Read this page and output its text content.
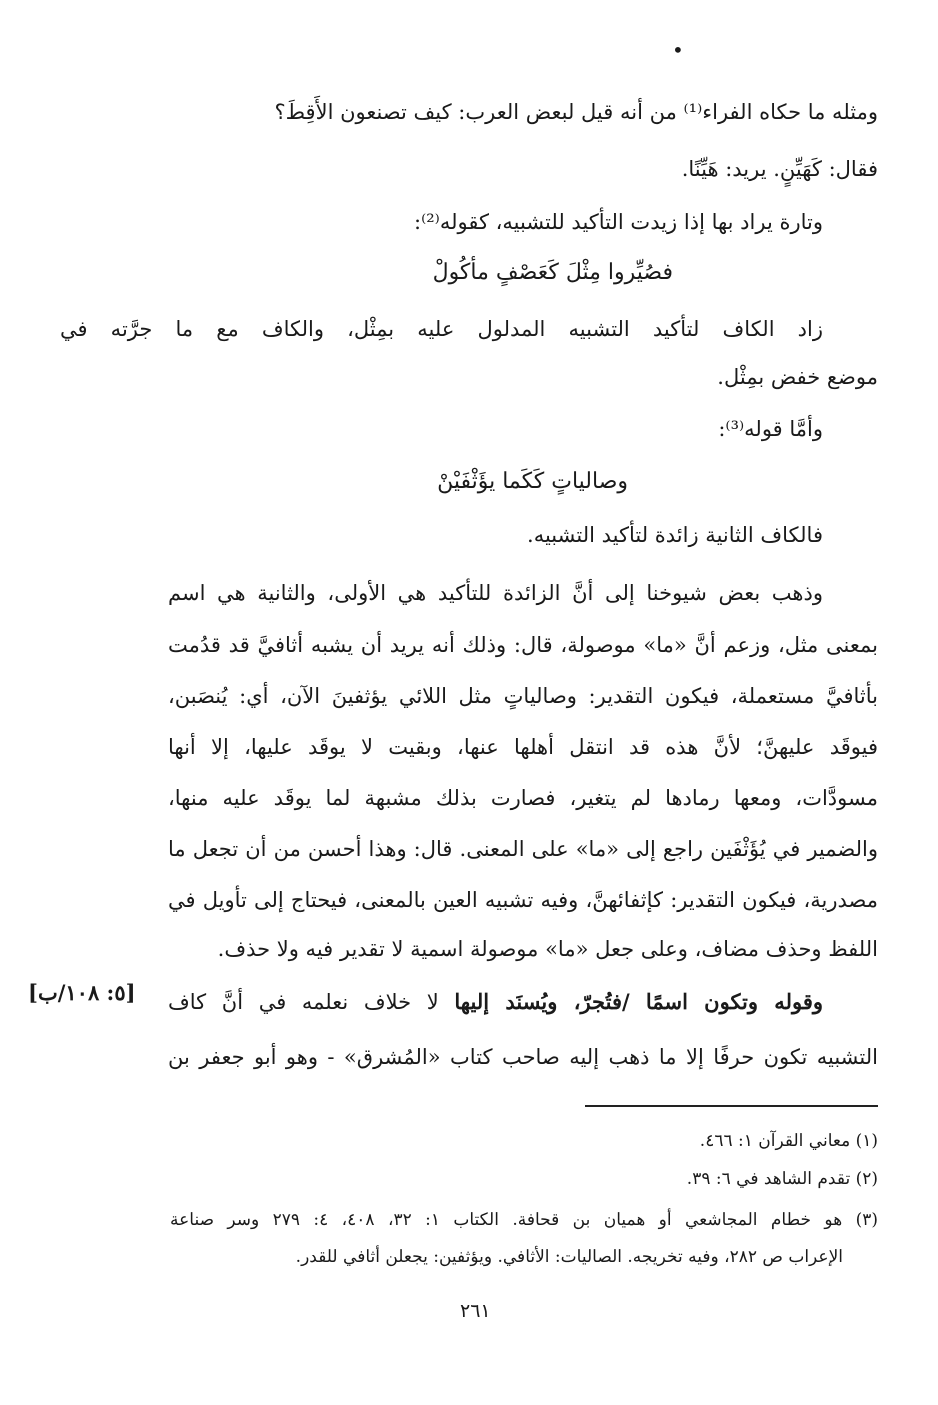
•
ومثله ما حكاه الفراء⁽¹⁾ من أنه قيل لبعض العرب: كيف تصنعون الأَقِطَ؟
فقال: كَهَيِّنٍ. يريد: هَيِّنًا.
وتارة يراد بها إذا زيدت التأكيد للتشبيه، كقوله⁽²⁾:
فصُيِّروا مِثْلَ كَعَصْفٍ مأكُولْ
زاد الكاف لتأكيد التشبيه المدلول عليه بمِثْل، والكاف مع ما جرَّته في
موضع خفض بمِثْل.
وأمَّا قوله⁽³⁾:
وصالياتٍ كَكَما يؤَثْفَيْنْ
فالكاف الثانية زائدة لتأكيد التشبيه.
وذهب بعض شيوخنا إلى أنَّ الزائدة للتأكيد هي الأولى، والثانية هي اسم
بمعنى مثل، وزعم أنَّ «ما» موصولة، قال: وذلك أنه يريد أن يشبه أثافيَّ قد قدُمت
بأثافيَّ مستعملة، فيكون التقدير: وصالياتٍ مثل اللائي يؤثفينَ الآن، أي: يُنصَبن،
فيوقَد عليهنَّ؛ لأنَّ هذه قد انتقل أهلها عنها، وبقيت لا يوقَد عليها، إلا أنها
مسودَّات، ومعها رمادها لم يتغير، فصارت بذلك مشبهة لما يوقَد عليه منها،
والضمير في يُؤَثْفَين راجع إلى «ما» على المعنى. قال: وهذا أحسن من أن تجعل ما
مصدرية، فيكون التقدير: كإثفائهنَّ، وفيه تشبيه العين بالمعنى، فيحتاج إلى تأويل في
اللفظ وحذف مضاف، وعلى جعل «ما» موصولة اسمية لا تقدير فيه ولا حذف.
وقوله وتكون اسمًا /فتُجرّ، ويُسنَد إليها لا خلاف نعلمه في أنَّ كاف
التشبيه تكون حرفًا إلا ما ذهب إليه صاحب كتاب «المُشرق» - وهو أبو جعفر بن
[٥: ١٠٨/ب]
(١) معاني القرآن ١: ٤٦٦.
(٢) تقدم الشاهد في ٦: ٣٩.
(٣) هو خطام المجاشعي أو هميان بن قحافة. الكتاب ١: ٣٢، ٤٠٨، ٤: ٢٧٩ وسر صناعة
الإعراب ص ٢٨٢، وفيه تخريجه. الصاليات: الأثافي. ويؤثفين: يجعلن أثافي للقدر.
٢٦١
